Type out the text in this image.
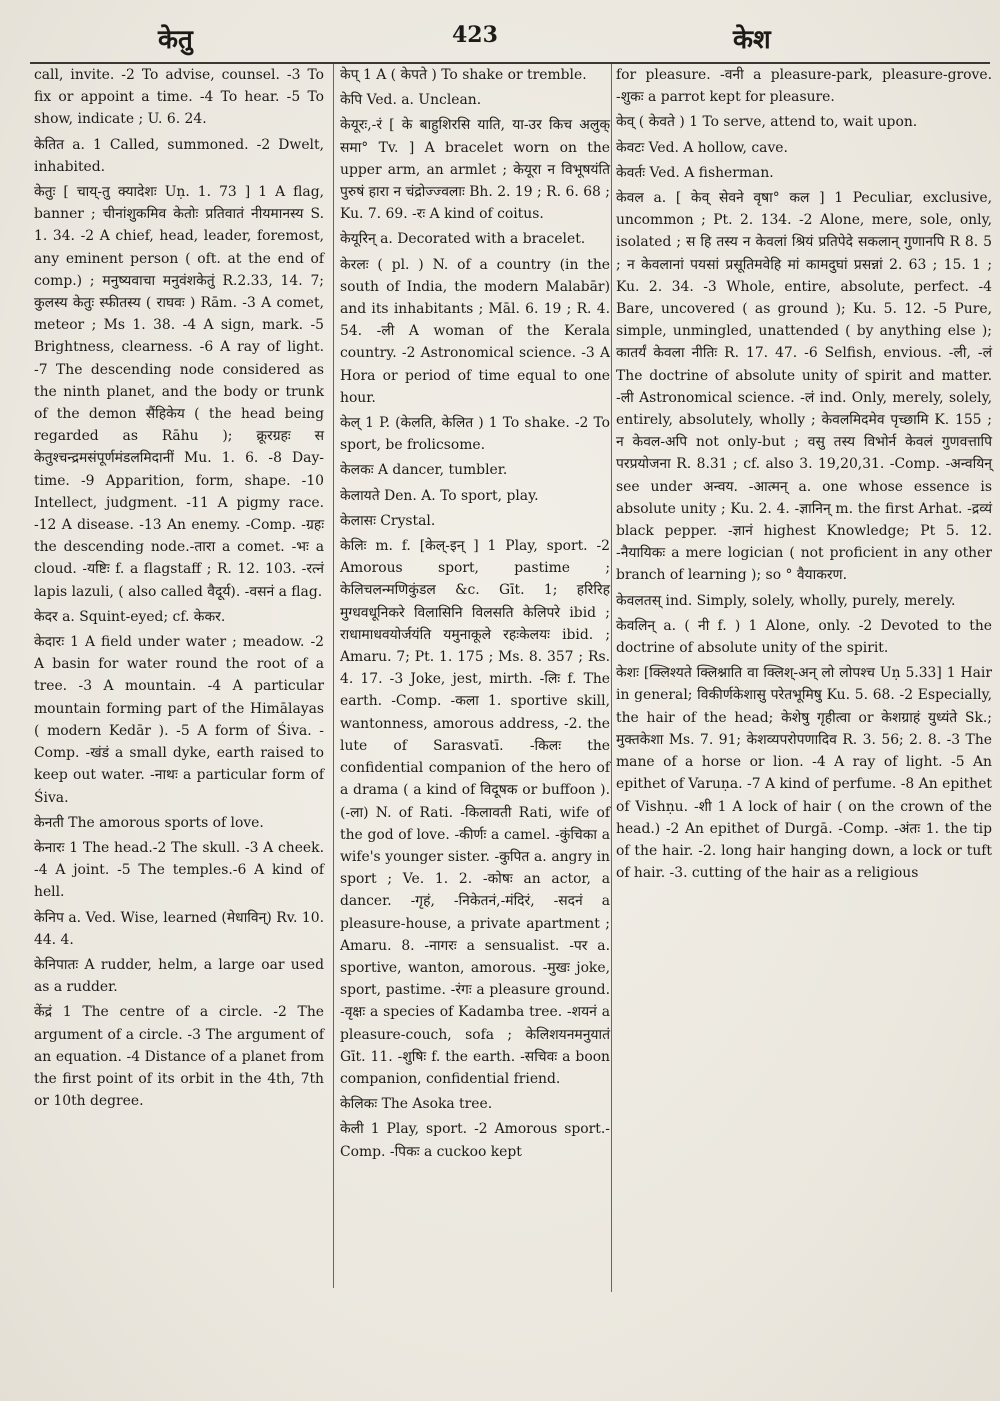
केतु	423	केश

call, invite. -2 To advise, counsel. -3 To fix or appoint a time. -4 To hear. -5 To show, indicate ; U. 6. 24.

केतित a. 1 Called, summoned. -2 Dwelt, inhabited.

केतुः [ चाय्-तु क्यादेशः Uṇ. 1. 73 ] 1 A flag, banner ; चीनांशुकमिव केतोः प्रतिवातं नीयमानस्य S. 1. 34. -2 A chief, head, leader, foremost, any eminent person ( oft. at the end of comp.) ; मनुष्यवाचा मनुवंशकेतुं R.2.33, 14. 7; कुलस्य केतुः स्फीतस्य ( राघवः ) Rām. -3 A comet, meteor ; Ms 1. 38. -4 A sign, mark. -5 Brightness, clearness. -6 A ray of light. -7 The descending node considered as the ninth planet, and the body or trunk of the demon सैंहिकेय ( the head being regarded as Rāhu ); क्रूरग्रहः स केतुश्चन्द्रमसंपूर्णमंडलमिदानीं Mu. 1. 6. -8 Day-time. -9 Apparition, form, shape. -10 Intellect, judgment. -11 A pigmy race. -12 A disease. -13 An enemy. -Comp. -ग्रहः the descending node.-तारा a comet. -भः a cloud. -यष्टिः f. a flagstaff ; R. 12. 103. -रत्नं lapis lazuli, ( also called वैदूर्य). -वसनं a flag.

केदर a. Squint-eyed; cf. केकर.

केदारः 1 A field under water ; meadow. -2 A basin for water round the root of a tree. -3 A mountain. -4 A particular mountain forming part of the Himālayas ( modern Kedār ). -5 A form of Śiva. -Comp. -खंडं a small dyke, earth raised to keep out water. -नाथः a particular form of Śiva.

केनती The amorous sports of love.

केनारः 1 The head.-2 The skull. -3 A cheek. -4 A joint. -5 The temples.-6 A kind of hell.

केनिप a. Ved. Wise, learned (मेधाविन्) Rv. 10. 44. 4.

केनिपातः A rudder, helm, a large oar used as a rudder.

केंद्रं 1 The centre of a circle. -2 The argument of a circle. -3 The argument of an equation. -4 Distance of a planet from the first point of its orbit in the 4th, 7th or 10th degree.

केप् 1 A ( केपते ) To shake or tremble.

केपि Ved. a. Unclean.

केयूरः,-रं [ के बाहुशिरसि याति, या-उर किच अलुक् समा° Tv. ] A bracelet worn on the upper arm, an armlet ; केयूरा न विभूषयंति पुरुषं हारा न चंद्रोज्ज्वलाः Bh. 2. 19 ; R. 6. 68 ; Ku. 7. 69. -रः A kind of coitus.

केयूरिन् a. Decorated with a bracelet.

केरलः ( pl. ) N. of a country (in the south of India, the modern Malabār) and its inhabitants ; Māl. 6. 19 ; R. 4. 54. -ली A woman of the Kerala country. -2 Astronomical science. -3 A Hora or period of time equal to one hour.

केल् 1 P. (केलति, केलित ) 1 To shake. -2 To sport, be frolicsome.

केलकः A dancer, tumbler.

केलायते Den. A. To sport, play.

केलासः Crystal.

केलिः m. f. [केल्-इन् ] 1 Play, sport. -2 Amorous sport, pastime ; केलिचलन्मणिकुंडल &c. Gīt. 1; हरिरिह मुग्धवधूनिकरे विलासिनि विलसति केलिपरे ibid ; राधामाधवयोर्जयंति यमुनाकूले रहःकेलयः ibid. ; Amaru. 7; Pt. 1. 175 ; Ms. 8. 357 ; Rs. 4. 17. -3 Joke, jest, mirth. -लिः f. The earth. -Comp. -कला 1. sportive skill, wantonness, amorous address, -2. the lute of Sarasvatī. -किलः the confidential companion of the hero of a drama ( a kind of विदूषक or buffoon ). (-ला) N. of Rati. -किलावती Rati, wife of the god of love. -कीर्णः a camel. -कुंचिका a wife's younger sister. -कुपित a. angry in sport ; Ve. 1. 2. -कोषः an actor, a dancer. -गृहं, -निकेतनं,-मंदिरं, -सदनं a pleasure-house, a private apartment ; Amaru. 8. -नागरः a sensualist. -पर a. sportive, wanton, amorous. -मुखः joke, sport, pastime. -रंगः a pleasure ground. -वृक्षः a species of Kadamba tree. -शयनं a pleasure-couch, sofa ; केलिशयनमनुयातं Gīt. 11. -शुषिः f. the earth. -सचिवः a boon companion, confidential friend.

केलिकः The Asoka tree.

केली 1 Play, sport. -2 Amorous sport.-Comp. -पिकः a cuckoo kept

for pleasure. -वनी a pleasure-park, pleasure-grove. -शुकः a parrot kept for pleasure.

केव् ( केवते ) 1 To serve, attend to, wait upon.

केवटः Ved. A hollow, cave.

केवर्तः Ved. A fisherman.

केवल a. [ केव् सेवने वृषा° कल ] 1 Peculiar, exclusive, uncommon ; Pt. 2. 134. -2 Alone, mere, sole, only, isolated ; स हि तस्य न केवलां श्रियं प्रतिपेदे सकलान् गुणानपि R 8. 5 ; न केवलानां पयसां प्रसूतिमवेहि मां कामदुघां प्रसन्नां 2. 63 ; 15. 1 ; Ku. 2. 34. -3 Whole, entire, absolute, perfect. -4 Bare, uncovered ( as ground ); Ku. 5. 12. -5 Pure, simple, unmingled, unattended ( by anything else ); कातर्यं केवला नीतिः R. 17. 47. -6 Selfish, envious. -ली, -लं The doctrine of absolute unity of spirit and matter. -ली Astronomical science. -लं ind. Only, merely, solely, entirely, absolutely, wholly ; केवलमिदमेव पृच्छामि K. 155 ; न केवल-अपि not only-but ; वसु तस्य विभोर्न केवलं गुणवत्तापि परप्रयोजना R. 8.31 ; cf. also 3. 19,20,31. -Comp. -अन्वयिन् see under अन्वय. -आत्मन् a. one whose essence is absolute unity ; Ku. 2. 4. -ज्ञानिन् m. the first Arhat. -द्रव्यं black pepper. -ज्ञानं highest Knowledge; Pt 5. 12. -नैयायिकः a mere logician ( not proficient in any other branch of learning ); so ° वैयाकरण.

केवलतस् ind. Simply, solely, wholly, purely, merely.

केवलिन् a. ( नी f. ) 1 Alone, only. -2 Devoted to the doctrine of absolute unity of the spirit.

केशः [क्लिश्यते क्लिश्नाति वा क्लिश्-अन् लो लोपश्च Uṇ 5.33] 1 Hair in general; विकीर्णकेशासु परेतभूमिषु Ku. 5. 68. -2 Especially, the hair of the head; केशेषु गृहीत्वा or केशग्राहं युध्यंते Sk.; मुक्तकेशा Ms. 7. 91; केशव्यपरोपणादिव R. 3. 56; 2. 8. -3 The mane of a horse or lion. -4 A ray of light. -5 An epithet of Varuṇa. -7 A kind of perfume. -8 An epithet of Vishṇu. -शी 1 A lock of hair ( on the crown of the head.) -2 An epithet of Durgā. -Comp. -अंतः 1. the tip of the hair. -2. long hair hanging down, a lock or tuft of hair. -3. cutting of the hair as a religious
